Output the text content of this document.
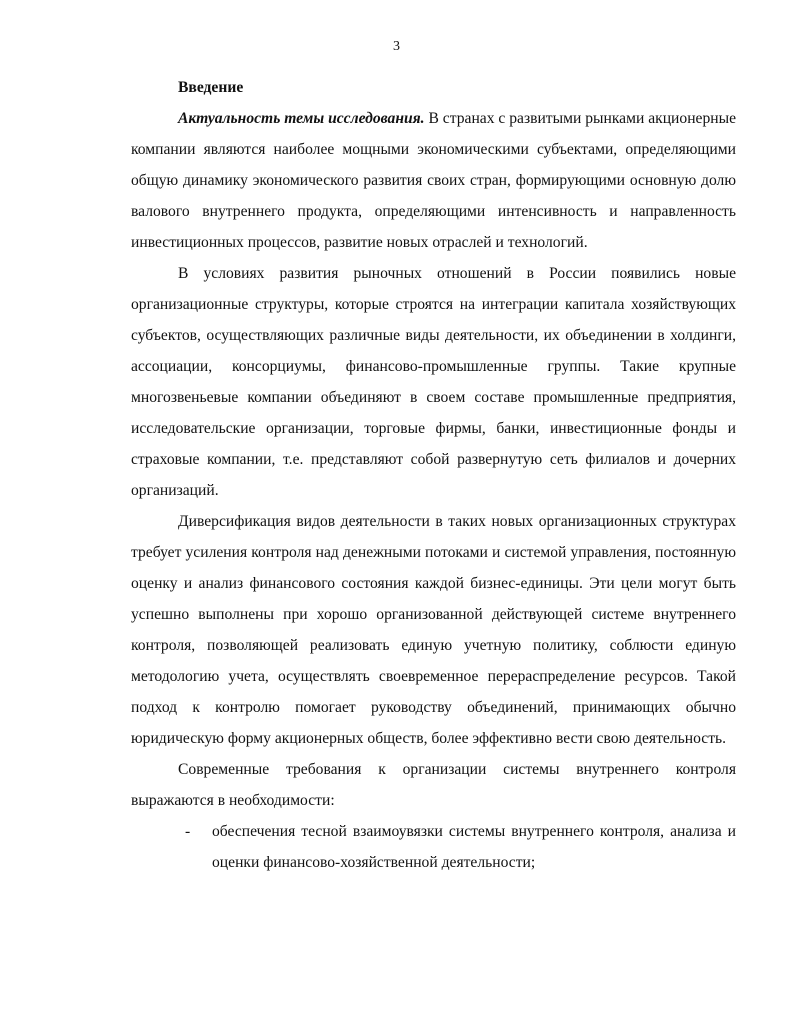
3

Введение

Актуальность темы исследования. В странах с развитыми рынками акционерные компании являются наиболее мощными экономическими субъектами, определяющими общую динамику экономического развития своих стран, формирующими основную долю валового внутреннего продукта, определяющими интенсивность и направленность инвестиционных процессов, развитие новых отраслей и технологий.

В условиях развития рыночных отношений в России появились новые организационные структуры, которые строятся на интеграции капитала хозяйствующих субъектов, осуществляющих различные виды деятельности, их объединении в холдинги, ассоциации, консорциумы, финансово-промышленные группы. Такие крупные многозвеньевые компании объединяют в своем составе промышленные предприятия, исследовательские организации, торговые фирмы, банки, инвестиционные фонды и страховые компании, т.е. представляют собой развернутую сеть филиалов и дочерних организаций.

Диверсификация видов деятельности в таких новых организационных структурах требует усиления контроля над денежными потоками и системой управления, постоянную оценку и анализ финансового состояния каждой бизнес-единицы. Эти цели могут быть успешно выполнены при хорошо организованной действующей системе внутреннего контроля, позволяющей реализовать единую учетную политику, соблюсти единую методологию учета, осуществлять своевременное перераспределение ресурсов. Такой подход к контролю помогает руководству объединений, принимающих обычно юридическую форму акционерных обществ, более эффективно вести свою деятельность.

Современные требования к организации системы внутреннего контроля выражаются в необходимости:

- обеспечения тесной взаимоувязки системы внутреннего контроля, анализа и оценки финансово-хозяйственной деятельности;
